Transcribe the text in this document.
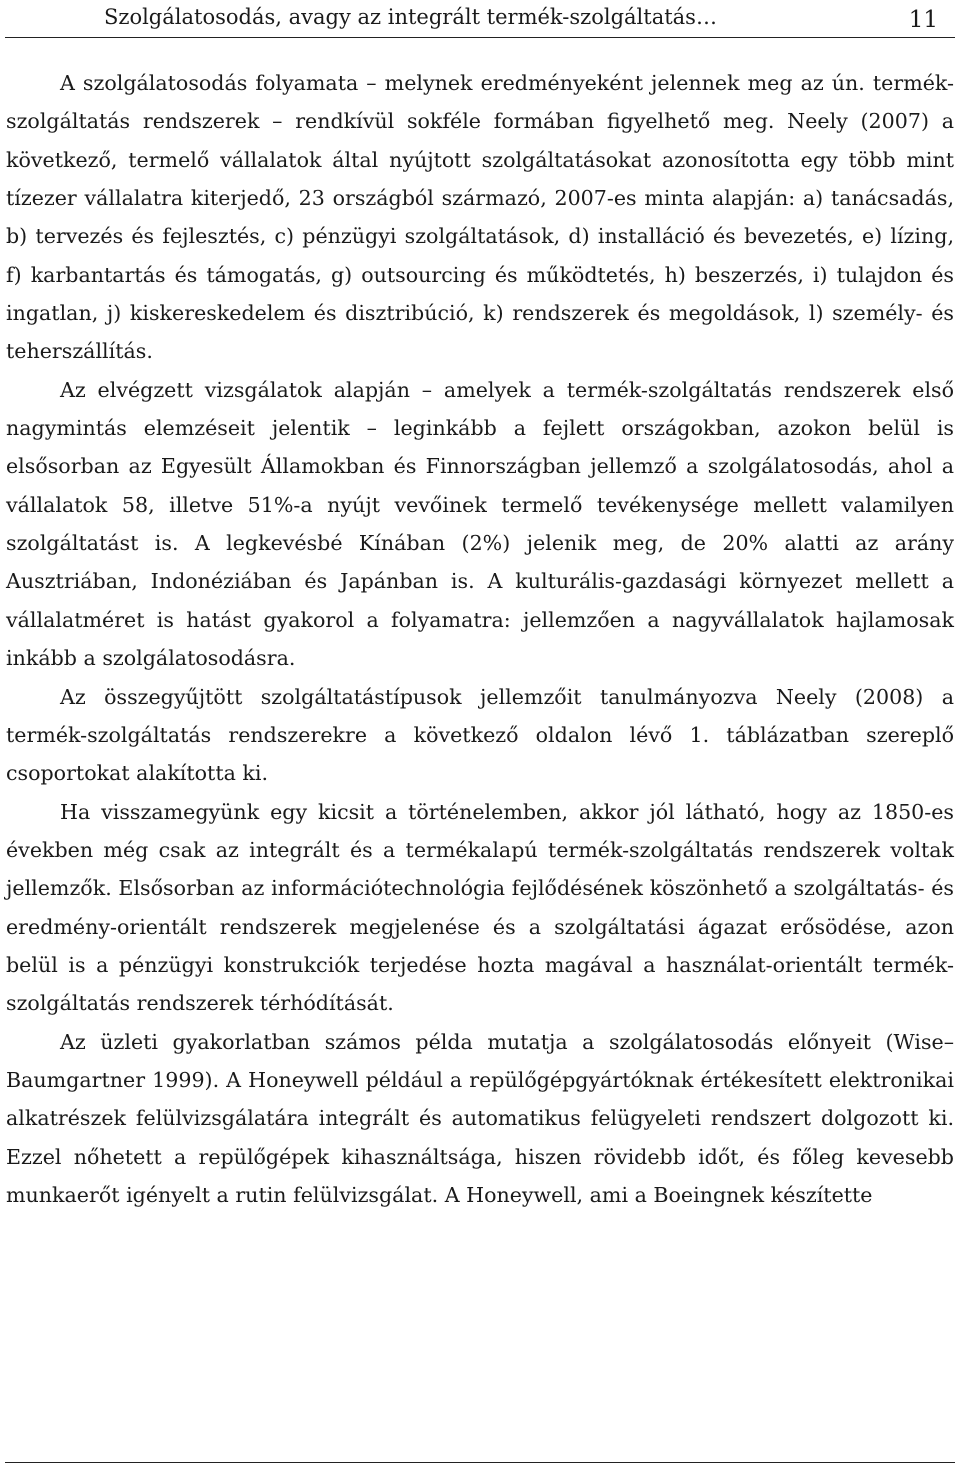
Szolgálatosodás, avagy az integrált termék-szolgáltatás…	11

A szolgálatosodás folyamata – melynek eredményeként jelennek meg az ún. termék-szolgáltatás rendszerek – rendkívül sokféle formában figyelhető meg. Neely (2007) a következő, termelő vállalatok által nyújtott szolgáltatásokat azonosította egy több mint tízezer vállalatra kiterjedő, 23 országból származó, 2007-es minta alapján: a) tanácsadás, b) tervezés és fejlesztés, c) pénzügyi szolgáltatások, d) installáció és bevezetés, e) lízing, f) karbantartás és támogatás, g) outsourcing és működtetés, h) beszerzés, i) tulajdon és ingatlan, j) kiskereskedelem és disztribúció, k) rendszerek és megoldások, l) személy- és teherszállítás.

Az elvégzett vizsgálatok alapján – amelyek a termék-szolgáltatás rendszerek első nagymintás elemzéseit jelentik – leginkább a fejlett országokban, azokon belül is elsősorban az Egyesült Államokban és Finnországban jellemző a szolgálatosodás, ahol a vállalatok 58, illetve 51%-a nyújt vevőinek termelő tevékenysége mellett valamilyen szolgáltatást is. A legkevésbé Kínában (2%) jelenik meg, de 20% alatti az arány Ausztriában, Indonéziában és Japánban is. A kulturális-gazdasági környezet mellett a vállalatméret is hatást gyakorol a folyamatra: jellemzően a nagyvállalatok hajlamosak inkább a szolgálatosodásra.

Az összegyűjtött szolgáltatástípusok jellemzőit tanulmányozva Neely (2008) a termék-szolgáltatás rendszerekre a következő oldalon lévő 1. táblázatban szereplő csoportokat alakította ki.

Ha visszamegyünk egy kicsit a történelemben, akkor jól látható, hogy az 1850-es években még csak az integrált és a termékalapú termék-szolgáltatás rendszerek voltak jellemzők. Elsősorban az információtechnológia fejlődésének köszönhető a szolgáltatás- és eredmény-orientált rendszerek megjelenése és a szolgáltatási ágazat erősödése, azon belül is a pénzügyi konstrukciók terjedése hozta magával a használat-orientált termék-szolgáltatás rendszerek térhódítását.

Az üzleti gyakorlatban számos példa mutatja a szolgálatosodás előnyeit (Wise–Baumgartner 1999). A Honeywell például a repülőgépgyártóknak értékesített elektronikai alkatrészek felülvizsgálatára integrált és automatikus felügyeleti rendszert dolgozott ki. Ezzel nőhetett a repülőgépek kihasználtsága, hiszen rövidebb időt, és főleg kevesebb munkaerőt igényelt a rutin felülvizsgálat. A Honeywell, ami a Boeingnek készítette
